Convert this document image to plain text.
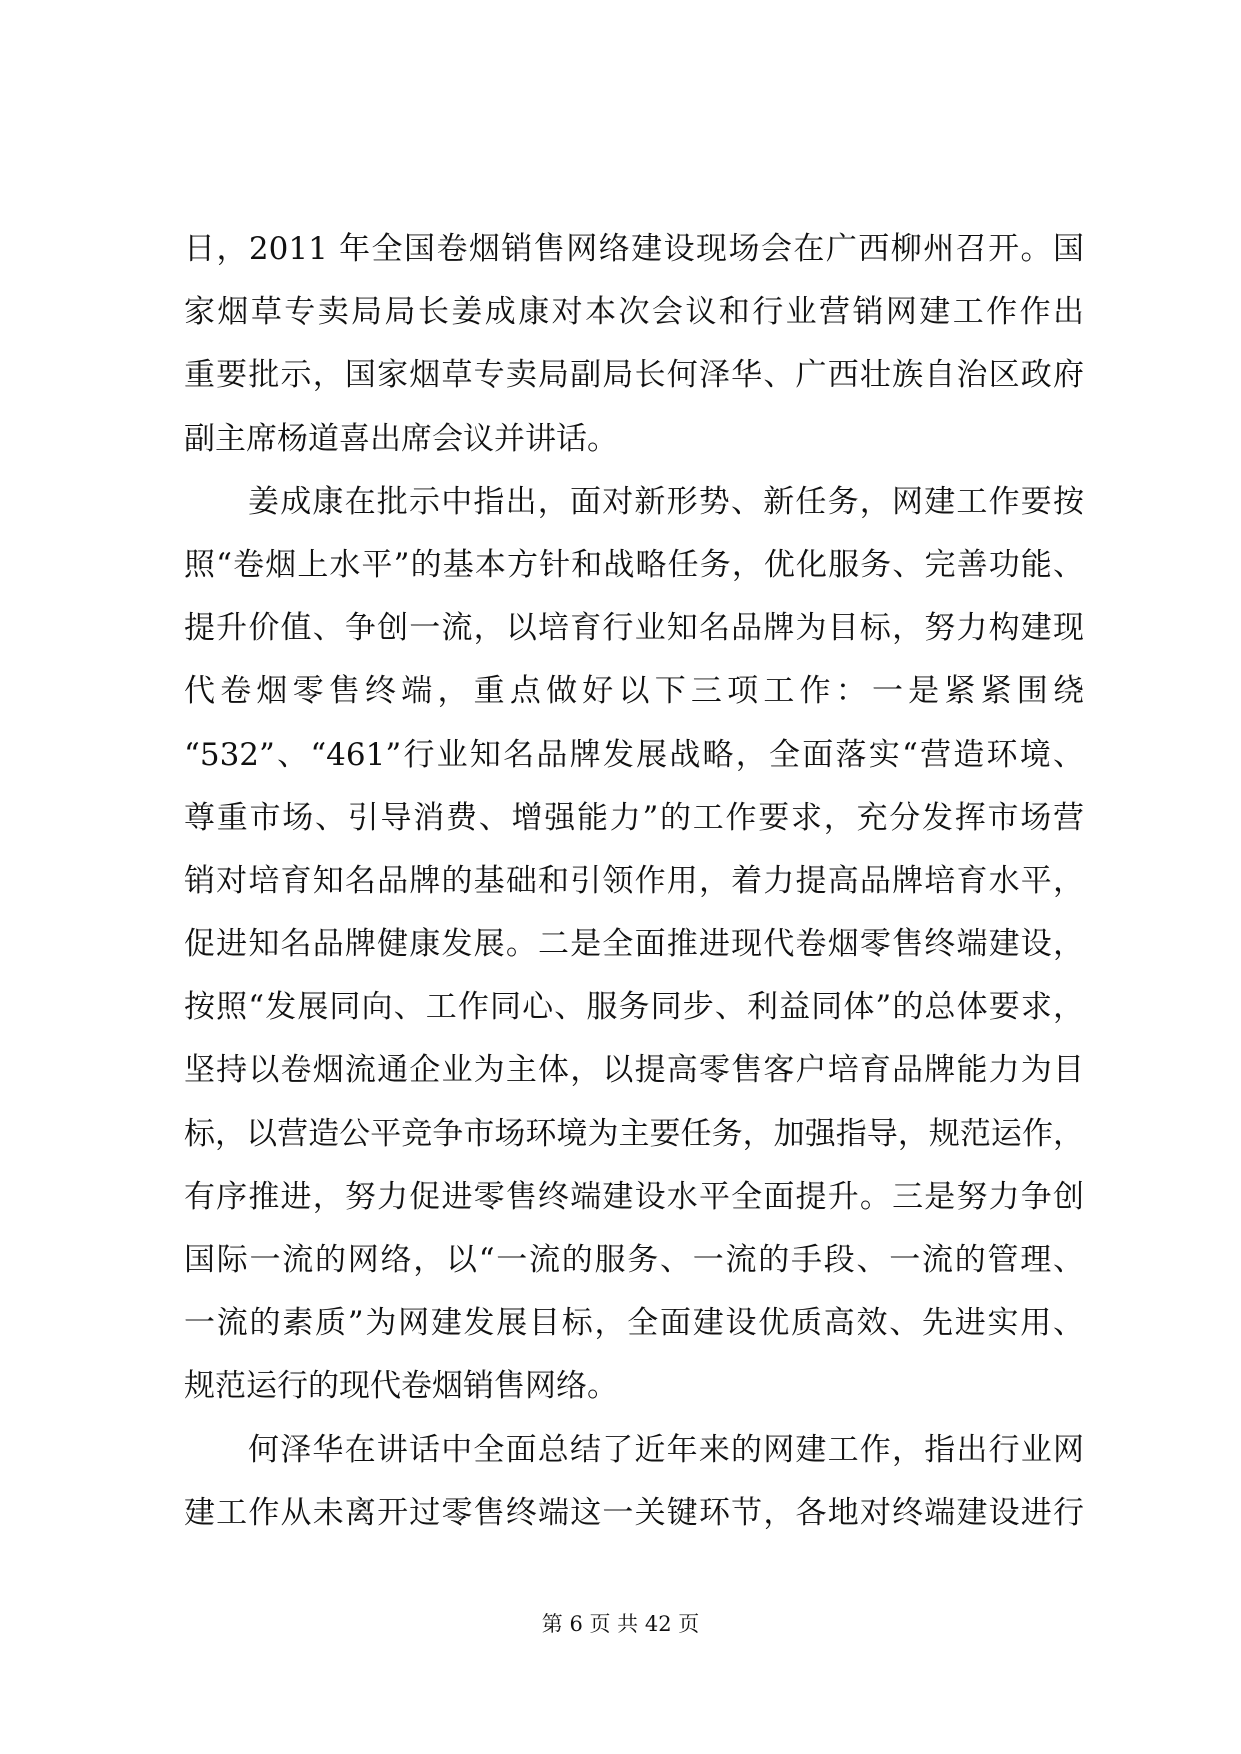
日，2011 年全国卷烟销售网络建设现场会在广西柳州召开。国
家烟草专卖局局长姜成康对本次会议和行业营销网建工作作出
重要批示，国家烟草专卖局副局长何泽华、广西壮族自治区政府
副主席杨道喜出席会议并讲话。
姜成康在批示中指出，面对新形势、新任务，网建工作要按
照“卷烟上水平”的基本方针和战略任务，优化服务、完善功能、
提升价值、争创一流，以培育行业知名品牌为目标，努力构建现
代卷烟零售终端，重点做好以下三项工作：一是紧紧围绕
“532”、“461”行业知名品牌发展战略，全面落实“营造环境、
尊重市场、引导消费、增强能力”的工作要求，充分发挥市场营
销对培育知名品牌的基础和引领作用，着力提高品牌培育水平，
促进知名品牌健康发展。二是全面推进现代卷烟零售终端建设，
按照“发展同向、工作同心、服务同步、利益同体”的总体要求，
坚持以卷烟流通企业为主体，以提高零售客户培育品牌能力为目
标，以营造公平竞争市场环境为主要任务，加强指导，规范运作，
有序推进，努力促进零售终端建设水平全面提升。三是努力争创
国际一流的网络，以“一流的服务、一流的手段、一流的管理、
一流的素质”为网建发展目标，全面建设优质高效、先进实用、
规范运行的现代卷烟销售网络。
何泽华在讲话中全面总结了近年来的网建工作，指出行业网
建工作从未离开过零售终端这一关键环节，各地对终端建设进行
第 6 页 共 42 页
